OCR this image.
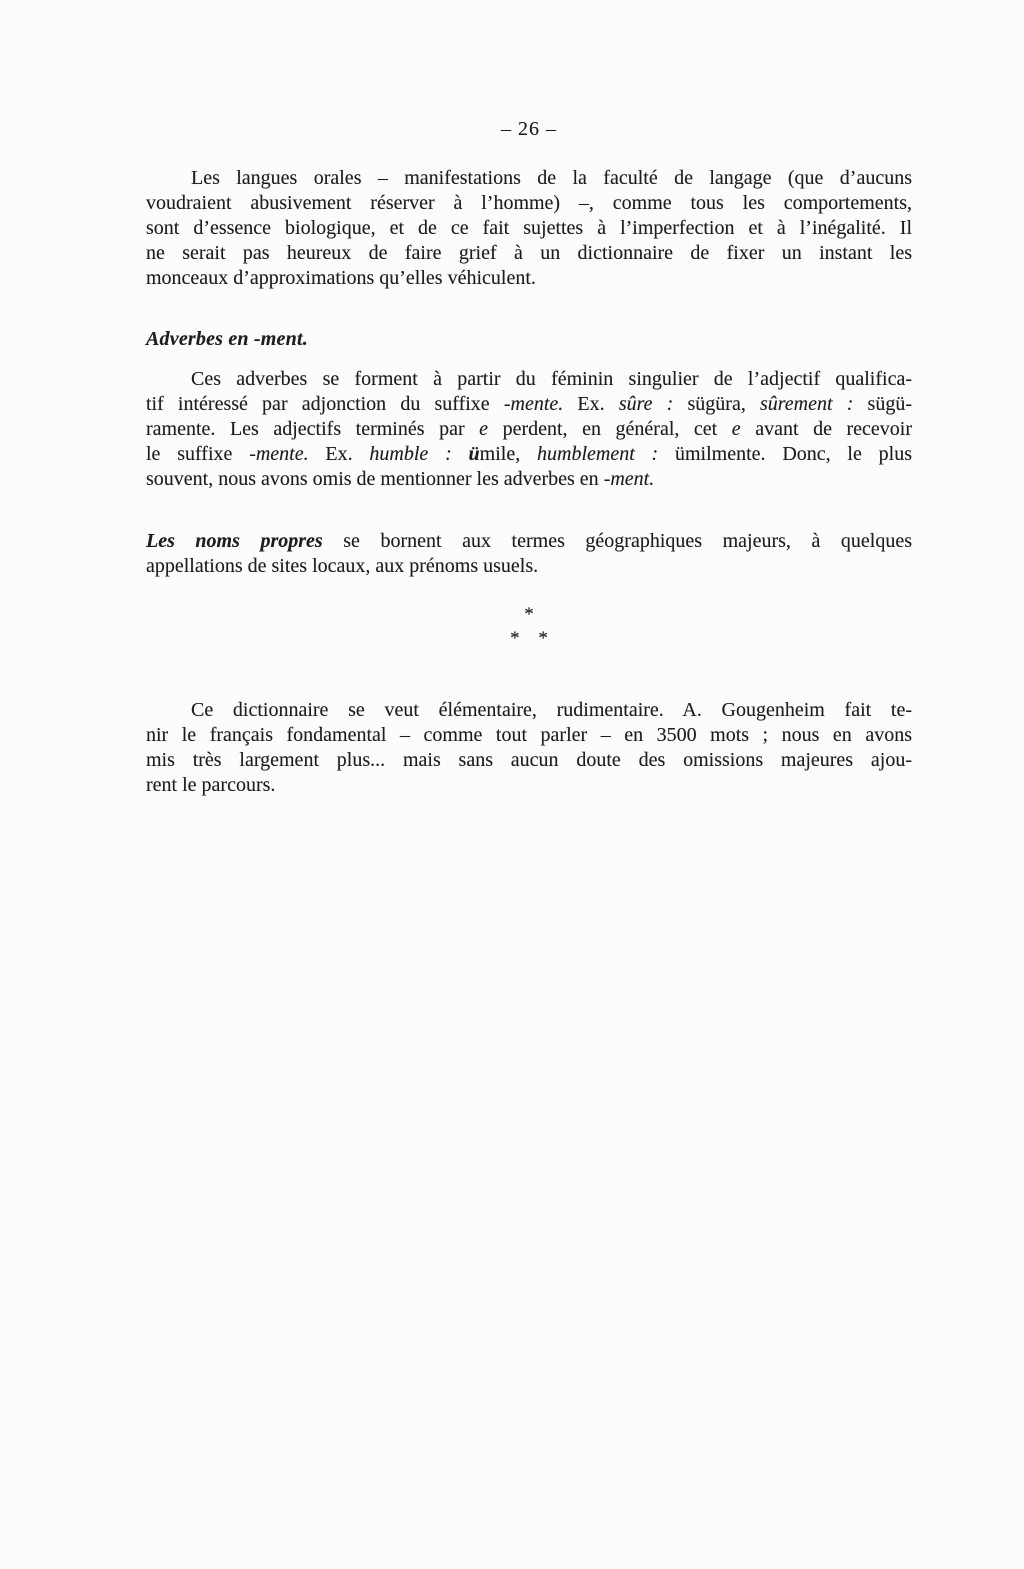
– 26 –
Les langues orales – manifestations de la faculté de langage (que d’aucuns
voudraient abusivement réserver à l’homme) –, comme tous les comportements,
sont d’essence biologique, et de ce fait sujettes à l’imperfection et à l’inégalité. Il
ne serait pas heureux de faire grief à un dictionnaire de fixer un instant les
monceaux d’approximations qu’elles véhiculent.
Adverbes en -ment.
Ces adverbes se forment à partir du féminin singulier de l’adjectif qualifica-
tif intéressé par adjonction du suffixe -mente. Ex. sûre : sügüra, sûrement : sügü-
ramente. Les adjectifs terminés par e perdent, en général, cet e avant de recevoir
le suffixe -mente. Ex. humble : ümile, humblement : ümilmente. Donc, le plus
souvent, nous avons omis de mentionner les adverbes en -ment.
Les noms propres se bornent aux termes géographiques majeurs, à quelques
appellations de sites locaux, aux prénoms usuels.
*
* *
Ce dictionnaire se veut élémentaire, rudimentaire. A. Gougenheim fait te-
nir le français fondamental – comme tout parler – en 3500 mots ; nous en avons
mis très largement plus... mais sans aucun doute des omissions majeures ajou-
rent le parcours.
